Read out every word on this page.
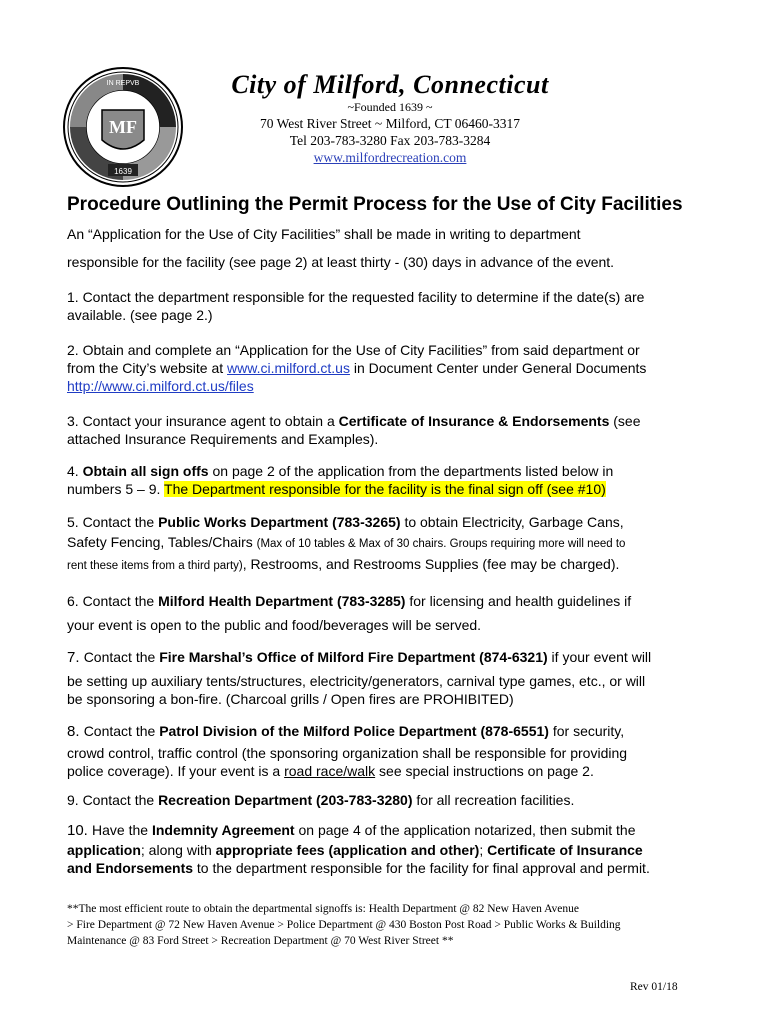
MF
1639
IN REPVB	City of Milford, Connecticut
~Founded 1639 ~
70 West River Street ~ Milford, CT 06460-3317
Tel 203-783-3280 Fax 203-783-3284
www.milfordrecreation.com
Procedure Outlining the Permit Process for the Use of City Facilities
An “Application for the Use of City Facilities” shall be made in writing to department
responsible for the facility (see page 2) at least thirty - (30) days in advance of the event.
1. Contact the department responsible for the requested facility to determine if the date(s) are
available. (see page 2.)
2. Obtain and complete an “Application for the Use of City Facilities” from said department or
from the City’s website at www.ci.milford.ct.us in Document Center under General Documents
http://www.ci.milford.ct.us/files
3. Contact your insurance agent to obtain a Certificate of Insurance & Endorsements (see
attached Insurance Requirements and Examples).
4. Obtain all sign offs on page 2 of the application from the departments listed below in
numbers 5 – 9. The Department responsible for the facility is the final sign off (see #10)
5. Contact the Public Works Department (783-3265) to obtain Electricity, Garbage Cans,
Safety Fencing, Tables/Chairs (Max of 10 tables & Max of 30 chairs. Groups requiring more will need to
rent these items from a third party), Restrooms, and Restrooms Supplies (fee may be charged).
6. Contact the Milford Health Department (783-3285) for licensing and health guidelines if
your event is open to the public and food/beverages will be served.
7. Contact the Fire Marshal’s Office of Milford Fire Department (874-6321) if your event will
be setting up auxiliary tents/structures, electricity/generators, carnival type games, etc., or will
be sponsoring a bon-fire. (Charcoal grills / Open fires are PROHIBITED)
8. Contact the Patrol Division of the Milford Police Department (878-6551) for security,
crowd control, traffic control (the sponsoring organization shall be responsible for providing
police coverage). If your event is a road race/walk see special instructions on page 2.
9. Contact the Recreation Department (203-783-3280) for all recreation facilities.
10. Have the Indemnity Agreement on page 4 of the application notarized, then submit the
application; along with appropriate fees (application and other); Certificate of Insurance
and Endorsements to the department responsible for the facility for final approval and permit.
**The most efficient route to obtain the departmental signoffs is: Health Department @ 82 New Haven Avenue
> Fire Department @ 72 New Haven Avenue > Police Department @ 430 Boston Post Road > Public Works & Building
Maintenance @ 83 Ford Street > Recreation Department @ 70 West River Street **
Rev 01/18
